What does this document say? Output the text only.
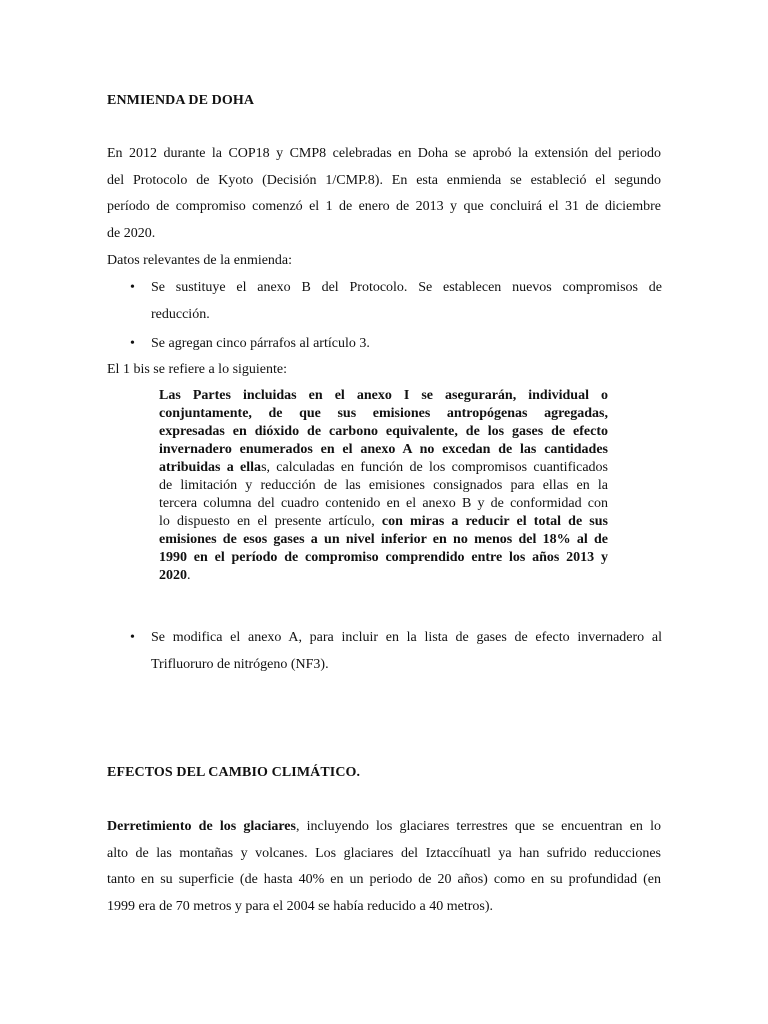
ENMIENDA DE DOHA
En 2012 durante la COP18 y CMP8 celebradas en Doha se aprobó la extensión del periodo
del Protocolo de Kyoto (Decisión 1/CMP.8). En esta enmienda se estableció el segundo
período de compromiso comenzó el 1 de enero de 2013 y que concluirá el 31 de diciembre
de 2020.
Datos relevantes de la enmienda:
•	Se sustituye el anexo B del Protocolo. Se establecen nuevos compromisos de
reducción.
•	Se agregan cinco párrafos al artículo 3.
El 1 bis se refiere a lo siguiente:
Las Partes incluidas en el anexo I se asegurarán, individual o
conjuntamente, de que sus emisiones antropógenas agregadas,
expresadas en dióxido de carbono equivalente, de los gases de efecto
invernadero enumerados en el anexo A no excedan de las cantidades
atribuidas a ellas, calculadas en función de los compromisos cuantificados
de limitación y reducción de las emisiones consignados para ellas en la
tercera columna del cuadro contenido en el anexo B y de conformidad con
lo dispuesto en el presente artículo, con miras a reducir el total de sus
emisiones de esos gases a un nivel inferior en no menos del 18% al de
1990 en el período de compromiso comprendido entre los años 2013 y
2020.
•	Se modifica el anexo A, para incluir en la lista de gases de efecto invernadero al
Trifluoruro de nitrógeno (NF3).
EFECTOS DEL CAMBIO CLIMÁTICO.
Derretimiento de los glaciares, incluyendo los glaciares terrestres que se encuentran en lo
alto de las montañas y volcanes. Los glaciares del Iztaccíhuatl ya han sufrido reducciones
tanto en su superficie (de hasta 40% en un periodo de 20 años) como en su profundidad (en
1999 era de 70 metros y para el 2004 se había reducido a 40 metros).
